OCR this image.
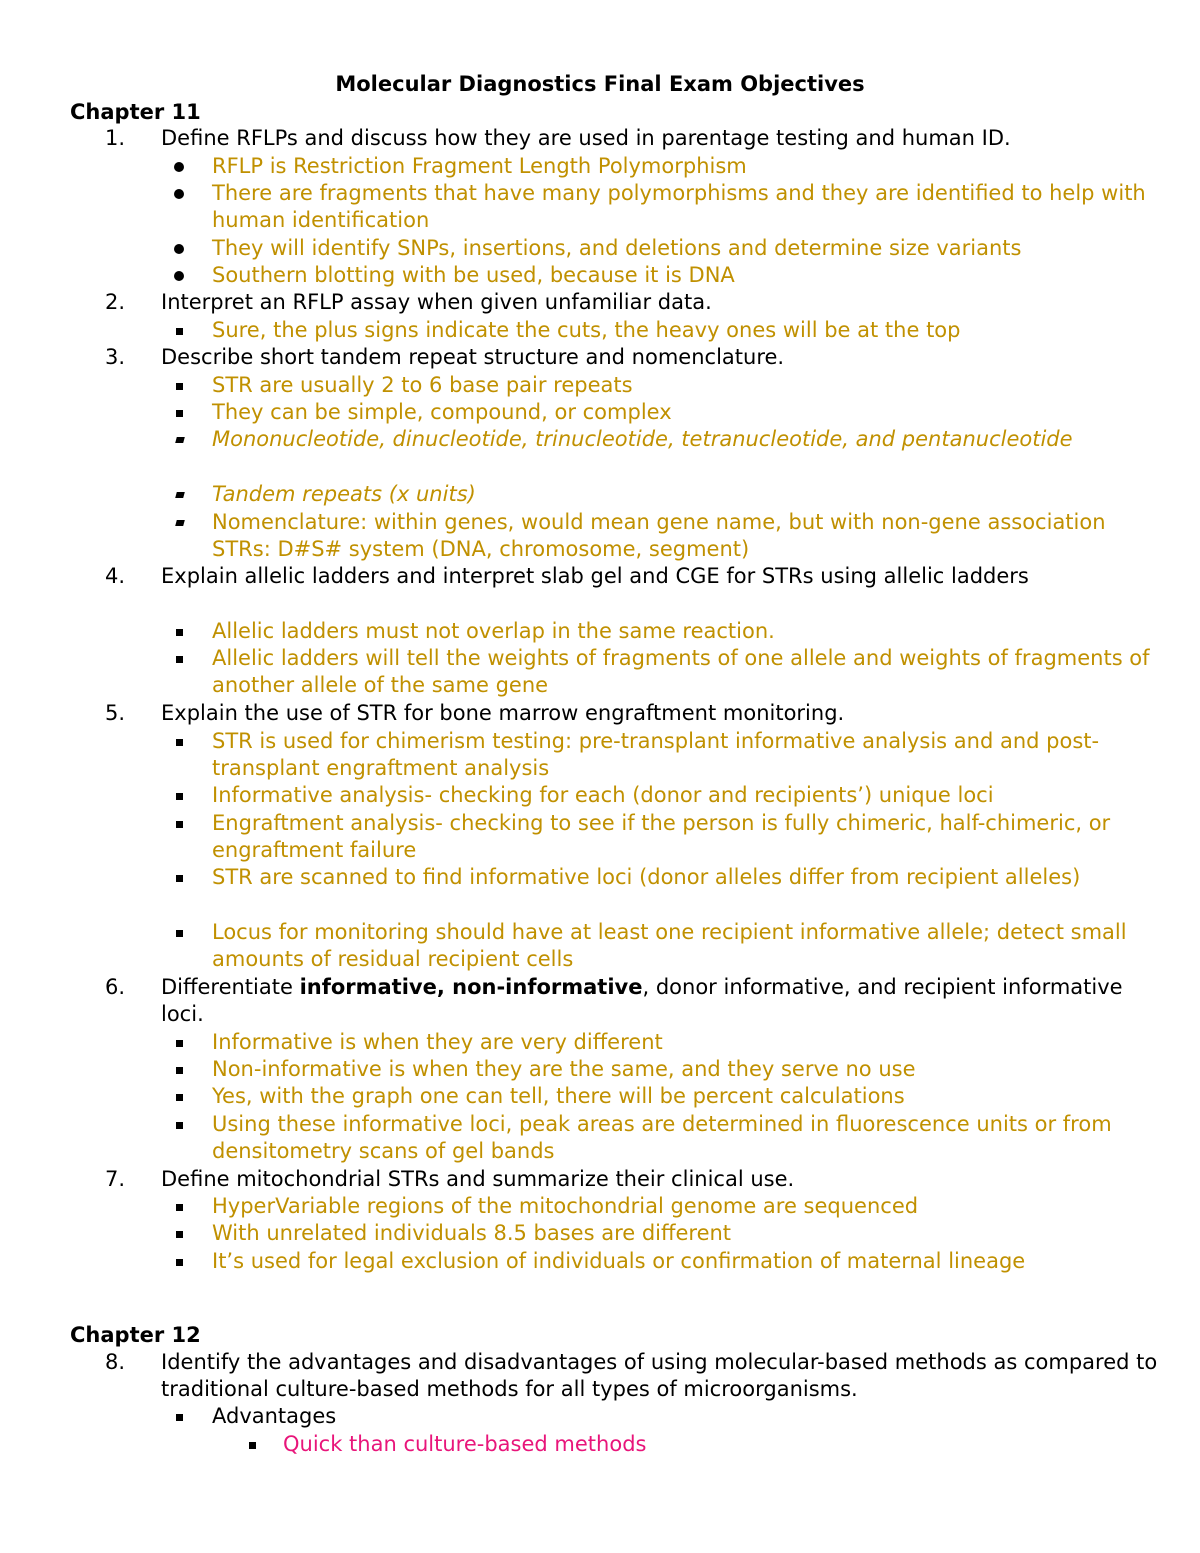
Molecular Diagnostics Final Exam Objectives
Chapter 11
1.	Define RFLPs and discuss how they are used in parentage testing and human ID.
RFLP is Restriction Fragment Length Polymorphism
There are fragments that have many polymorphisms and they are identified to help with human identification
They will identify SNPs, insertions, and deletions and determine size variants
Southern blotting with be used, because it is DNA
2.	Interpret an RFLP assay when given unfamiliar data.
Sure, the plus signs indicate the cuts, the heavy ones will be at the top
3.	Describe short tandem repeat structure and nomenclature.
STR are usually 2 to 6 base pair repeats
They can be simple, compound, or complex
Mononucleotide, dinucleotide, trinucleotide, tetranucleotide, and pentanucleotide
Tandem repeats (x units)
Nomenclature: within genes, would mean gene name, but with non-gene association STRs: D#S# system (DNA, chromosome, segment)
4.	Explain allelic ladders and interpret slab gel and CGE for STRs using allelic ladders
Allelic ladders must not overlap in the same reaction.
Allelic ladders will tell the weights of fragments of one allele and weights of fragments of another allele of the same gene
5.	Explain the use of STR for bone marrow engraftment monitoring.
STR is used for chimerism testing: pre-transplant informative analysis and and post-transplant engraftment analysis
Informative analysis- checking for each (donor and recipients’) unique loci
Engraftment analysis- checking to see if the person is fully chimeric, half-chimeric, or engraftment failure
STR are scanned to find informative loci (donor alleles differ from recipient alleles)
Locus for monitoring should have at least one recipient informative allele; detect small amounts of residual recipient cells
6.	Differentiate informative, non-informative, donor informative, and recipient informative loci.
Informative is when they are very different
Non-informative is when they are the same, and they serve no use
Yes, with the graph one can tell, there will be percent calculations
Using these informative loci, peak areas are determined in fluorescence units or from densitometry scans of gel bands
7.	Define mitochondrial STRs and summarize their clinical use.
HyperVariable regions of the mitochondrial genome are sequenced
With unrelated individuals 8.5 bases are different
It’s used for legal exclusion of individuals or confirmation of maternal lineage
Chapter 12
8.	Identify the advantages and disadvantages of using molecular-based methods as compared to traditional culture-based methods for all types of microorganisms.
Advantages
Quick than culture-based methods
